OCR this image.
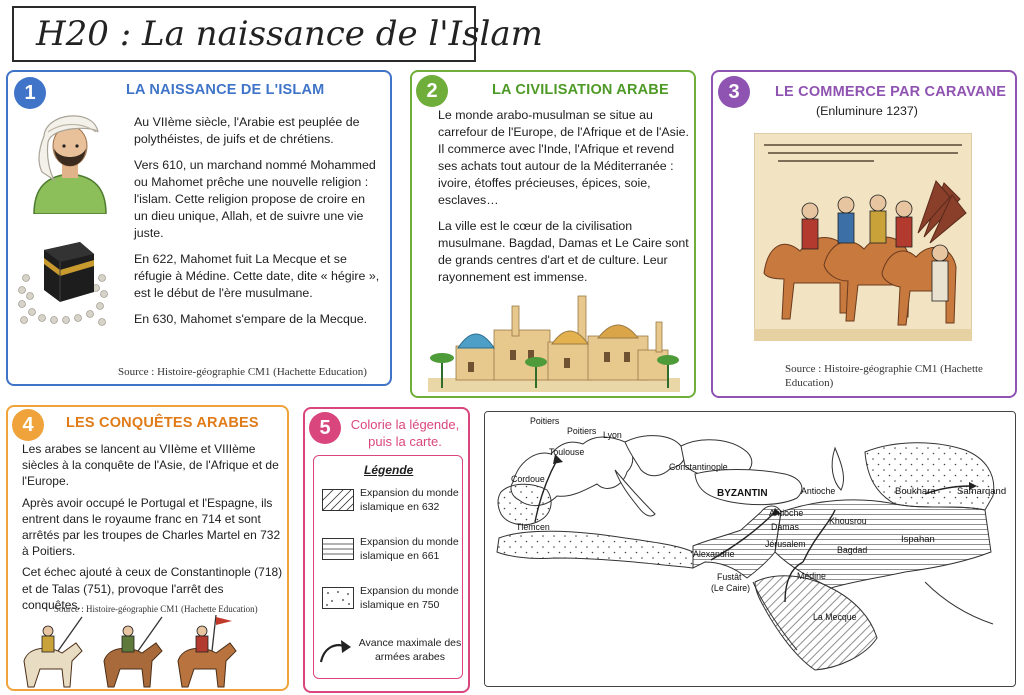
H20 : La naissance de l'Islam
1	LA NAISSANCE DE L'ISLAM

Au VIIème siècle, l'Arabie est peuplée de polythéistes, de juifs et de chrétiens.

Vers 610, un marchand nommé Mohammed ou Mahomet prêche une nouvelle religion : l'islam. Cette religion propose de croire en un dieu unique, Allah, et de suivre une vie juste.

En 622, Mahomet fuit La Mecque et se réfugie à Médine. Cette date, dite « hégire », est le début de l'ère musulmane.

En 630, Mahomet s'empare de la Mecque.

Source : Histoire-géographie CM1 (Hachette Education)
2	LA CIVILISATION ARABE

Le monde arabo-musulman se situe au carrefour de l'Europe, de l'Afrique et de l'Asie. Il commerce avec l'Inde, l'Afrique et revend ses achats tout autour de la Méditerranée : ivoire, étoffes précieuses, épices, soie, esclaves…

La ville est le cœur de la civilisation musulmane. Bagdad, Damas et Le Caire sont de grands centres d'art et de culture. Leur rayonnement est immense.

3	LE COMMERCE PAR CARAVANE
(Enluminure 1237)
Source : Histoire-géographie CM1 (Hachette Education)
4	LES CONQUÊTES ARABES

Les arabes se lancent au VIIème et VIIIème siècles à la conquête de l'Asie, de l'Afrique et de l'Europe.

Après avoir occupé le Portugal et l'Espagne, ils entrent dans le royaume franc en 714 et sont arrêtés par les troupes de Charles Martel en 732 à Poitiers.

Cet échec ajouté à ceux de Constantinople (718) et de Talas (751), provoque l'arrêt des conquêtes.

Source : Histoire-géographie CM1 (Hachette Education)
5	Colorie la légende, puis la carte.
Légende
Expansion du monde islamique en 632
Expansion du monde islamique en 661
Expansion du monde islamique en 750
Avance maximale des armées arabes
Poitiers
Poitiers Lyon
Toulouse
Cordoue
Tlemcen
Constantinople
BYZANTIN	Antioche
Antioche
Damas
Jérusalem
Alexandrie
Fustât
(Le Caire)
Khousrou
Bagdad
Ispahan
Boukhara Samarqand
Médine
La Mecque
